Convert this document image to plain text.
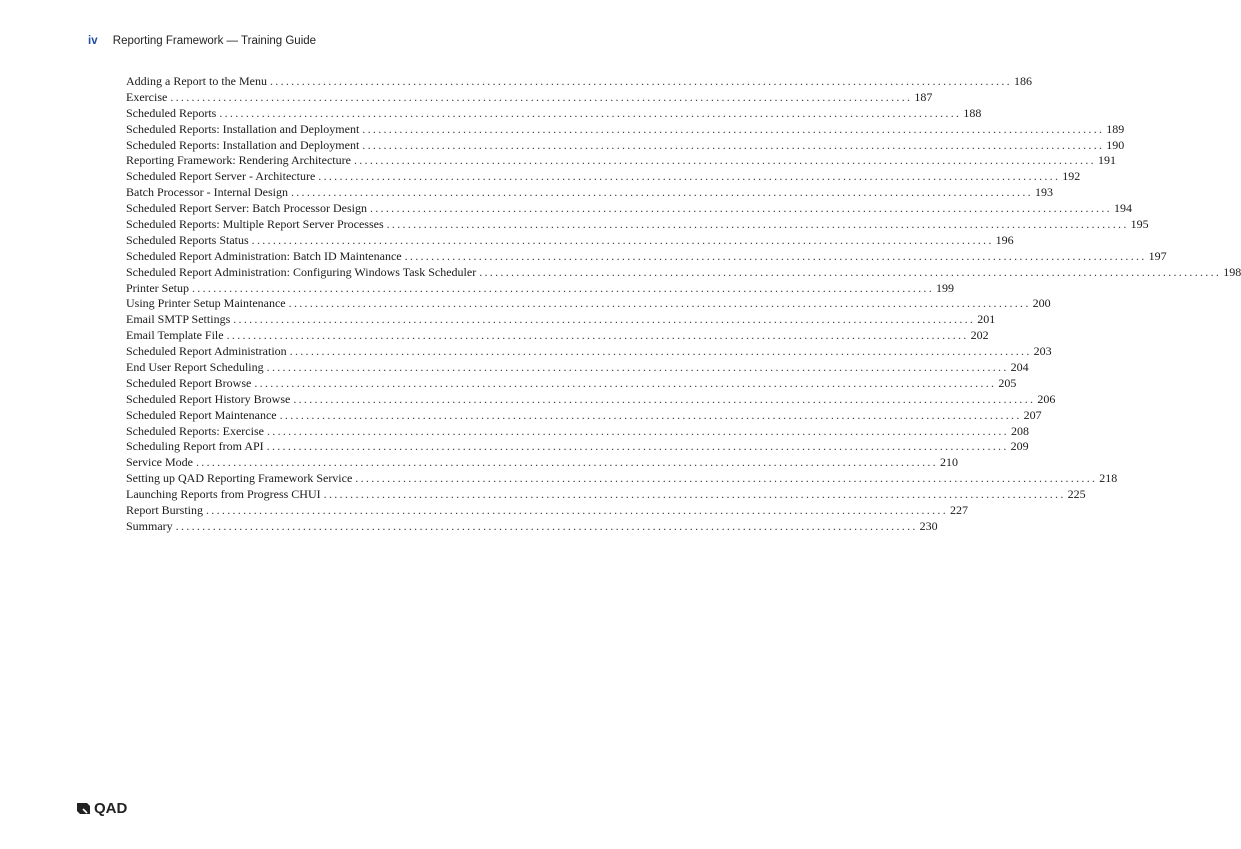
iv Reporting Framework — Training Guide
Adding a Report to the Menu ............................................................................................................................................ 186
Exercise ............................................................................................................................................ 187
Scheduled Reports ............................................................................................................................................ 188
Scheduled Reports: Installation and Deployment ............................................................................................................................................ 189
Scheduled Reports: Installation and Deployment ............................................................................................................................................ 190
Reporting Framework: Rendering Architecture ............................................................................................................................................ 191
Scheduled Report Server - Architecture ............................................................................................................................................ 192
Batch Processor - Internal Design ............................................................................................................................................ 193
Scheduled Report Server: Batch Processor Design ............................................................................................................................................ 194
Scheduled Reports: Multiple Report Server Processes ............................................................................................................................................ 195
Scheduled Reports Status ............................................................................................................................................ 196
Scheduled Report Administration: Batch ID Maintenance ............................................................................................................................................ 197
Scheduled Report Administration: Configuring Windows Task Scheduler ............................................................................................................................................ 198
Printer Setup ............................................................................................................................................ 199
Using Printer Setup Maintenance ............................................................................................................................................ 200
Email SMTP Settings ............................................................................................................................................ 201
Email Template File ............................................................................................................................................ 202
Scheduled Report Administration ............................................................................................................................................ 203
End User Report Scheduling ............................................................................................................................................ 204
Scheduled Report Browse ............................................................................................................................................ 205
Scheduled Report History Browse ............................................................................................................................................ 206
Scheduled Report Maintenance ............................................................................................................................................ 207
Scheduled Reports: Exercise ............................................................................................................................................ 208
Scheduling Report from API ............................................................................................................................................ 209
Service Mode ............................................................................................................................................ 210
Setting up QAD Reporting Framework Service ............................................................................................................................................ 218
Launching Reports from Progress CHUI ............................................................................................................................................ 225
Report Bursting ............................................................................................................................................ 227
Summary ............................................................................................................................................ 230
QAD
